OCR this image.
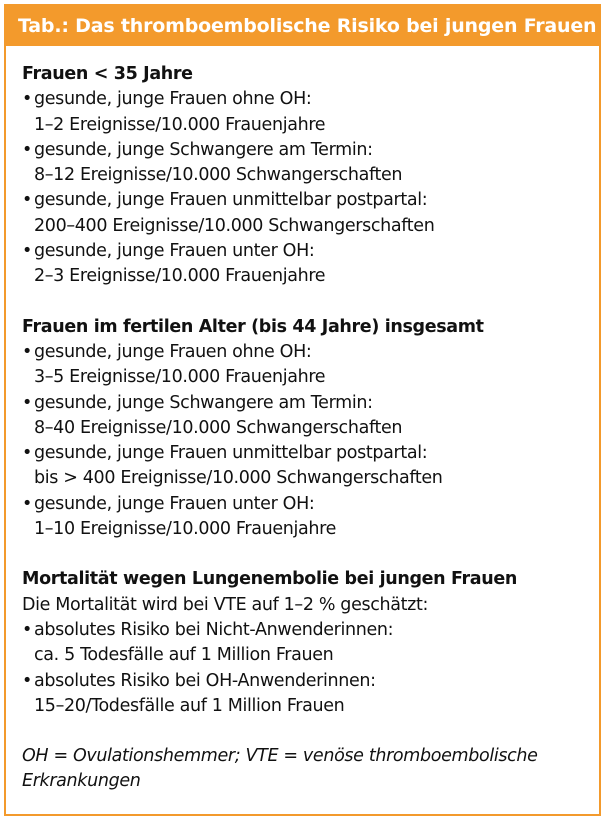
Tab.: Das thromboembolische Risiko bei jungen Frauen
Frauen < 35 Jahre
• gesunde, junge Frauen ohne OH:
1–2 Ereignisse/10.000 Frauenjahre
• gesunde, junge Schwangere am Termin:
8–12 Ereignisse/10.000 Schwangerschaften
• gesunde, junge Frauen unmittelbar postpartal:
200–400 Ereignisse/10.000 Schwangerschaften
• gesunde, junge Frauen unter OH:
2–3 Ereignisse/10.000 Frauenjahre
Frauen im fertilen Alter (bis 44 Jahre) insgesamt
• gesunde, junge Frauen ohne OH:
3–5 Ereignisse/10.000 Frauenjahre
• gesunde, junge Schwangere am Termin:
8–40 Ereignisse/10.000 Schwangerschaften
• gesunde, junge Frauen unmittelbar postpartal:
bis > 400 Ereignisse/10.000 Schwangerschaften
• gesunde, junge Frauen unter OH:
1–10 Ereignisse/10.000 Frauenjahre
Mortalität wegen Lungenembolie bei jungen Frauen
Die Mortalität wird bei VTE auf 1–2 % geschätzt:
• absolutes Risiko bei Nicht-Anwenderinnen:
ca. 5 Todesfälle auf 1 Million Frauen
• absolutes Risiko bei OH-Anwenderinnen:
15–20/Todesfälle auf 1 Million Frauen
OH = Ovulationshemmer; VTE = venöse thromboembolische
Erkrankungen
